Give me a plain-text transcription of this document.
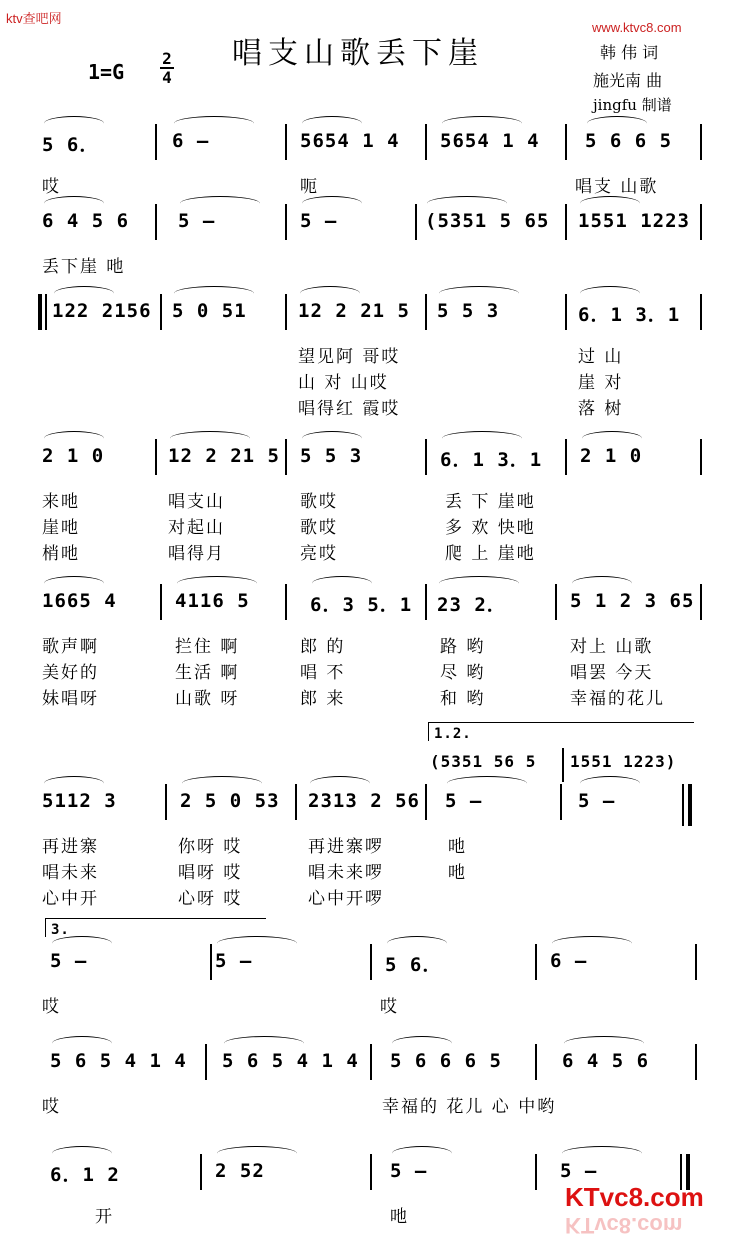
ktv查吧网
www.ktvc8.com
唱支山歌丢下崖
1=G
2
4
韩 伟 词
施光南 曲
jingfu 制谱
5 6．	6 –	5654 1 4 5654 1 4 5 6 6 5
哎	呃	唱支 山歌
6 4 5 6	5 –	5 –	(5351 5 65 1551 1223
丢下崖 吔
122 2156 5 0 51	12 2 21 5 5 5 3	6．1 3．1
望见阿 哥哎	过 山
山 对 山哎	崖 对
唱得红 霞哎	落 树
2 1 0	12 2 21 5 5 5 3	6．1 3．1 2 1 0
来吔	唱支山	歌哎	丢 下 崖吔
崖吔	对起山	歌哎	多 欢 快吔
梢吔	唱得月	亮哎	爬 上 崖吔
1665 4	4116 5	6．3 5．1 23 2．	5 1 2 3 65
歌声啊	拦住 啊	郎 的	路 哟	对上 山歌
美好的	生活 啊	唱 不	尽 哟	唱罢 今天
妹唱呀	山歌 呀	郎 来	和 哟	幸福的花儿
1.2.
(5351 56 5 1551 1223)
5112 3	2 5 0 53 2313 2 56 5 –	5 –
再进寨	你呀 哎	再进寨啰	吔
唱未来	唱呀 哎	唱未来啰	吔
心中开	心呀 哎	心中开啰
3.
5 –	5 –	5 6．	6 –
哎	哎
5 6 5 4 1 4 5 6 5 4 1 4 5 6 6 6 5	6 4 5 6
哎	幸福的 花儿 心 中哟
6．1 2	2 52	5 –	5 –
开	吔
KTvc8.com
KTvc8.com
